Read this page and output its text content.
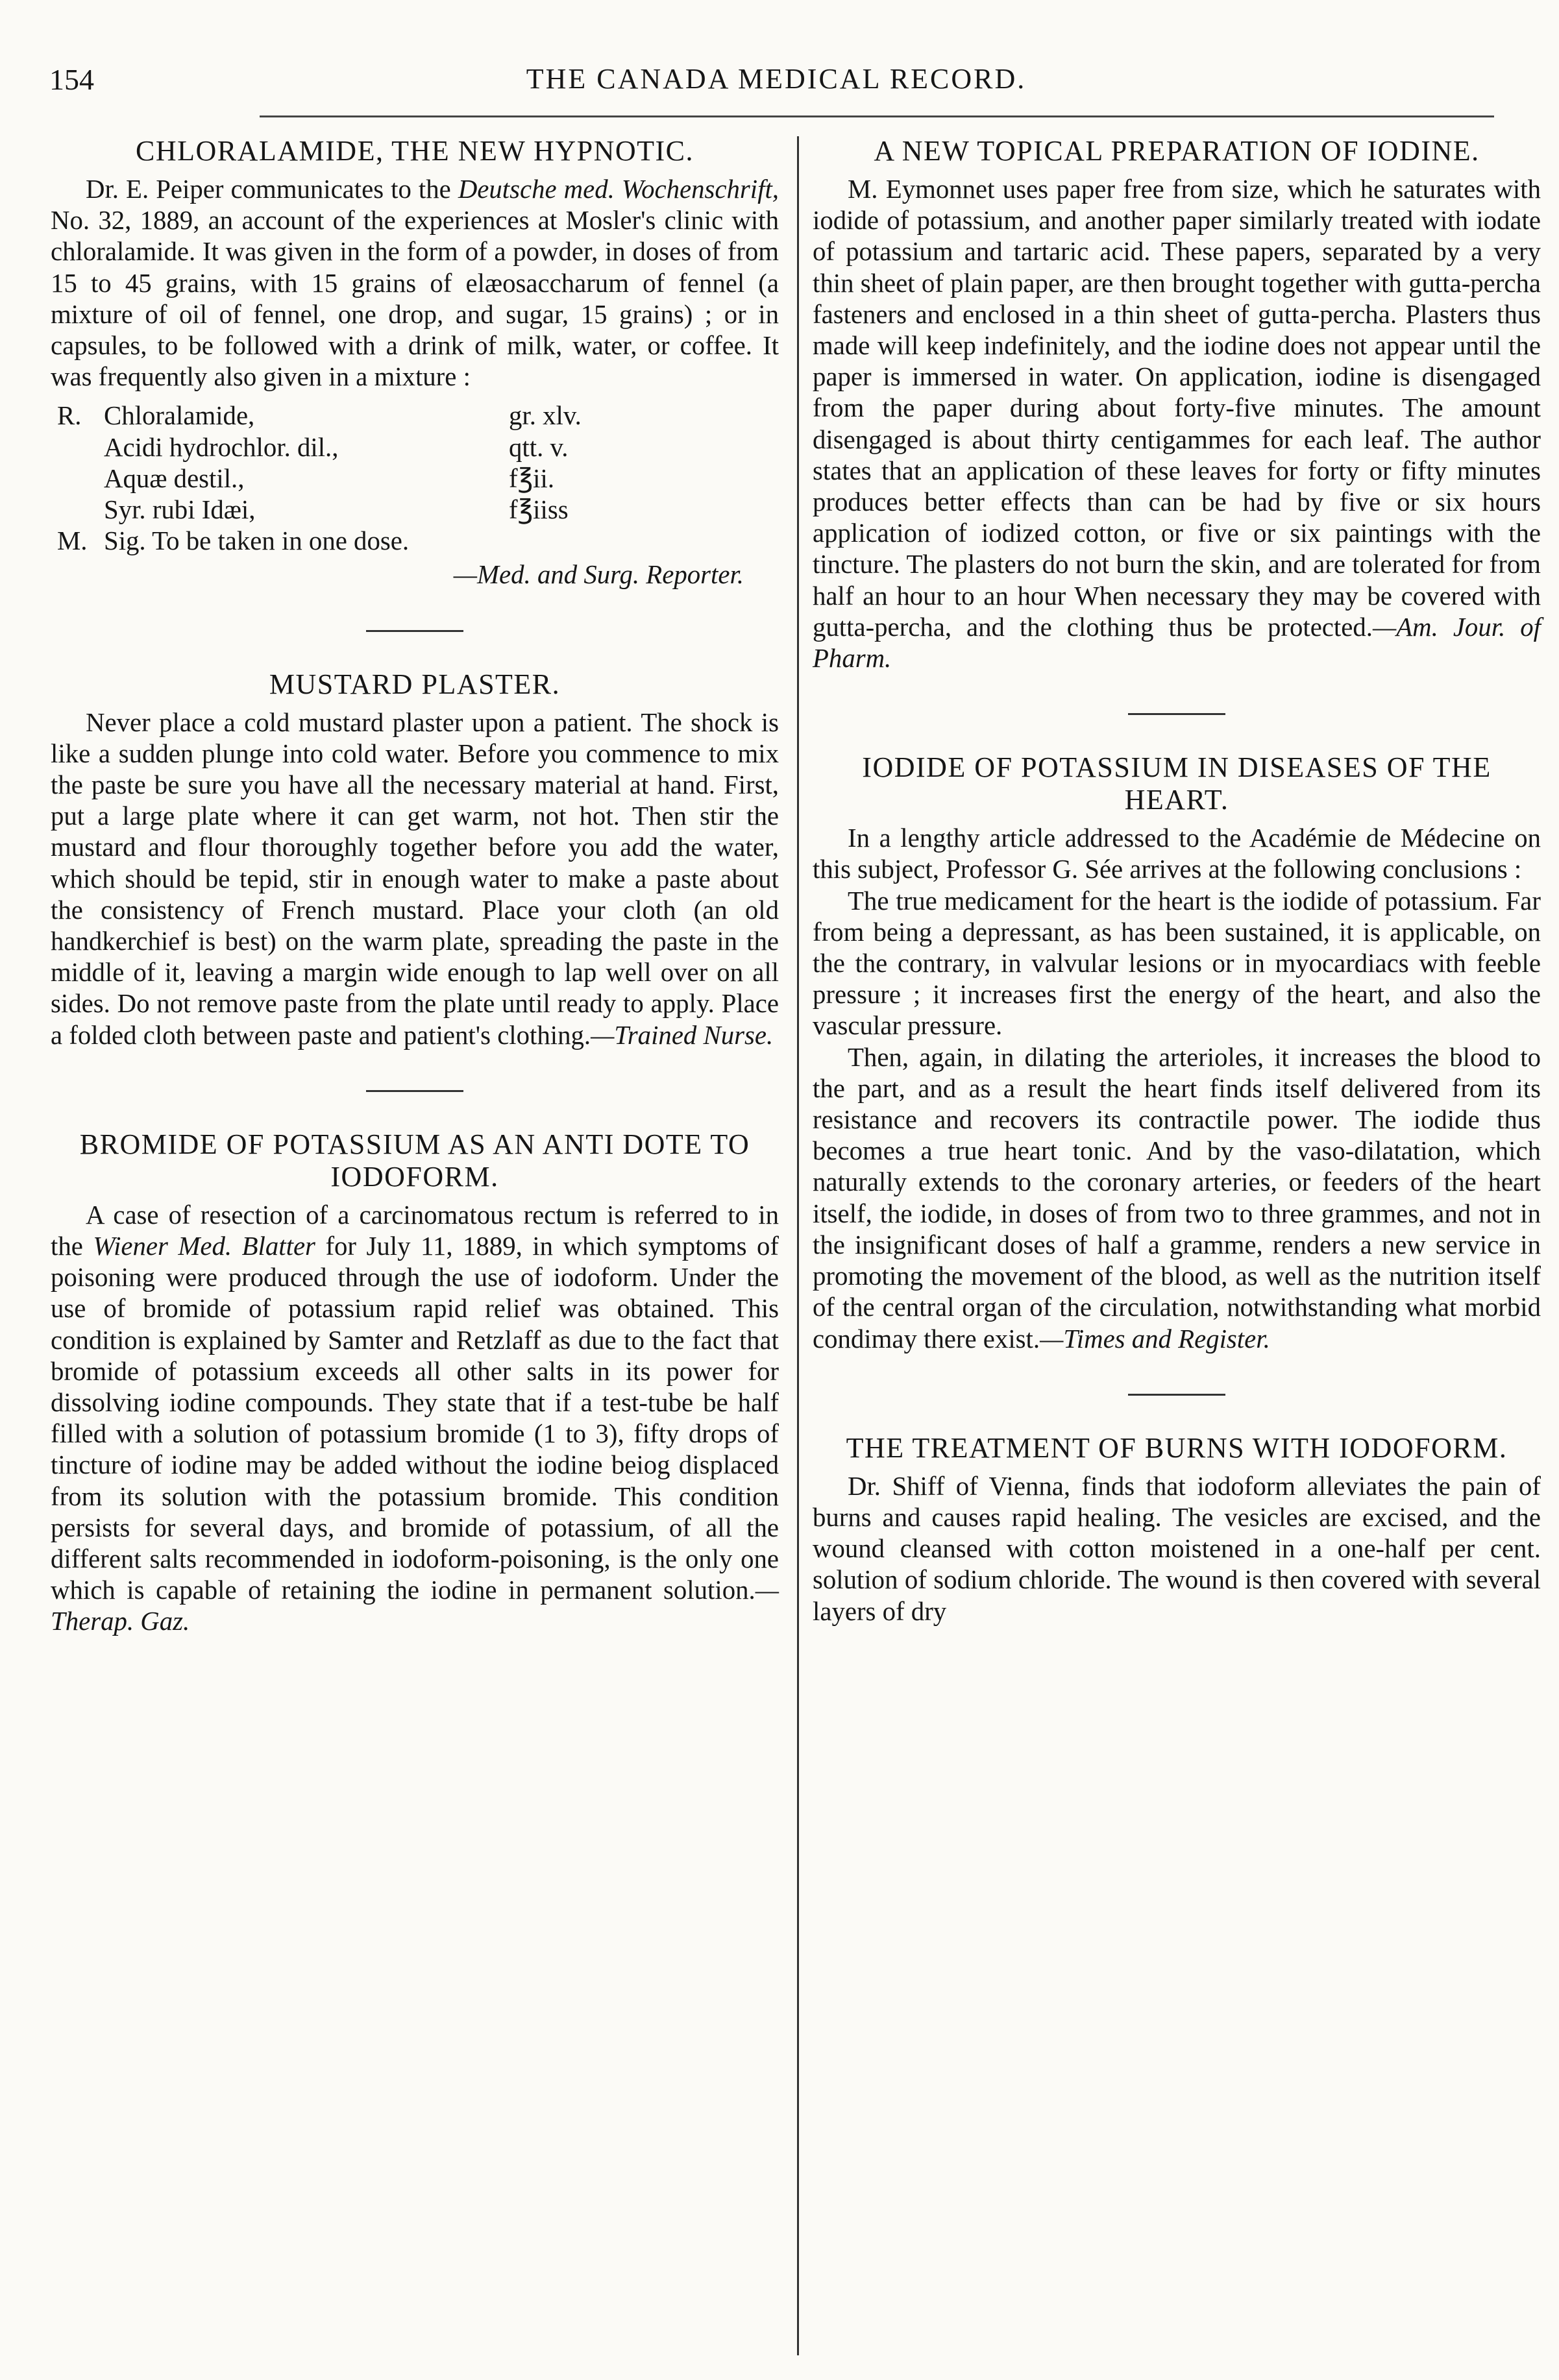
154	THE CANADA MEDICAL RECORD.
CHLORALAMIDE, THE NEW HYPNOTIC.

Dr. E. Peiper communicates to the Deutsche med. Wochenschrift, No. 32, 1889, an account of the experiences at Mosler's clinic with chloralamide. It was given in the form of a powder, in doses of from 15 to 45 grains, with 15 grains of elæosaccharum of fennel (a mixture of oil of fennel, one drop, and sugar, 15 grains) ; or in capsules, to be followed with a drink of milk, water, or coffee. It was frequently also given in a mixture :

R. Chloralamide,	gr. xlv.
Acidi hydrochlor. dil.,	qtt. v.
Aquæ destil.,	f℥ii.
Syr. rubi Idæi,	f℥iiss
M. Sig. To be taken in one dose.
—Med. and Surg. Reporter.
MUSTARD PLASTER.

Never place a cold mustard plaster upon a patient. The shock is like a sudden plunge into cold water. Before you commence to mix the paste be sure you have all the necessary material at hand. First, put a large plate where it can get warm, not hot. Then stir the mustard and flour thoroughly together before you add the water, which should be tepid, stir in enough water to make a paste about the consistency of French mustard. Place your cloth (an old handkerchief is best) on the warm plate, spreading the paste in the middle of it, leaving a margin wide enough to lap well over on all sides. Do not remove paste from the plate until ready to apply. Place a folded cloth between paste and patient's clothing.—Trained Nurse.

BROMIDE OF POTASSIUM AS AN ANTI DOTE TO IODOFORM.

A case of resection of a carcinomatous rectum is referred to in the Wiener Med. Blatter for July 11, 1889, in which symptoms of poisoning were produced through the use of iodoform. Under the use of bromide of potassium rapid relief was obtained. This condition is explained by Samter and Retzlaff as due to the fact that bromide of potassium exceeds all other salts in its power for dissolving iodine compounds. They state that if a test-tube be half filled with a solution of potassium bromide (1 to 3), fifty drops of tincture of iodine may be added without the iodine beiog displaced from its solution with the potassium bromide. This condition persists for several days, and bromide of potassium, of all the different salts recommended in iodoform-poisoning, is the only one which is capable of retaining the iodine in permanent solution.—Therap. Gaz.

A NEW TOPICAL PREPARATION OF IODINE.

M. Eymonnet uses paper free from size, which he saturates with iodide of potassium, and another paper similarly treated with iodate of potassium and tartaric acid. These papers, separated by a very thin sheet of plain paper, are then brought together with gutta-percha fasteners and enclosed in a thin sheet of gutta-percha. Plasters thus made will keep indefinitely, and the iodine does not appear until the paper is immersed in water. On application, iodine is disengaged from the paper during about forty-five minutes. The amount disengaged is about thirty centigammes for each leaf. The author states that an application of these leaves for forty or fifty minutes produces better effects than can be had by five or six hours application of iodized cotton, or five or six paintings with the tincture. The plasters do not burn the skin, and are tolerated for from half an hour to an hour When necessary they may be covered with gutta-percha, and the clothing thus be protected.—Am. Jour. of Pharm.

IODIDE OF POTASSIUM IN DISEASES OF THE HEART.

In a lengthy article addressed to the Académie de Médecine on this subject, Professor G. Sée arrives at the following conclusions :

The true medicament for the heart is the iodide of potassium. Far from being a depressant, as has been sustained, it is applicable, on the the contrary, in valvular lesions or in myocardiacs with feeble pressure ; it increases first the energy of the heart, and also the vascular pressure.

Then, again, in dilating the arterioles, it increases the blood to the part, and as a result the heart finds itself delivered from its resistance and recovers its contractile power. The iodide thus becomes a true heart tonic. And by the vaso-dilatation, which naturally extends to the coronary arteries, or feeders of the heart itself, the iodide, in doses of from two to three grammes, and not in the insignificant doses of half a gramme, renders a new service in promoting the movement of the blood, as well as the nutrition itself of the central organ of the circulation, notwithstanding what morbid condimay there exist.—Times and Register.

THE TREATMENT OF BURNS WITH IODOFORM.

Dr. Shiff of Vienna, finds that iodoform alleviates the pain of burns and causes rapid healing. The vesicles are excised, and the wound cleansed with cotton moistened in a one-half per cent. solution of sodium chloride. The wound is then covered with several layers of dry
